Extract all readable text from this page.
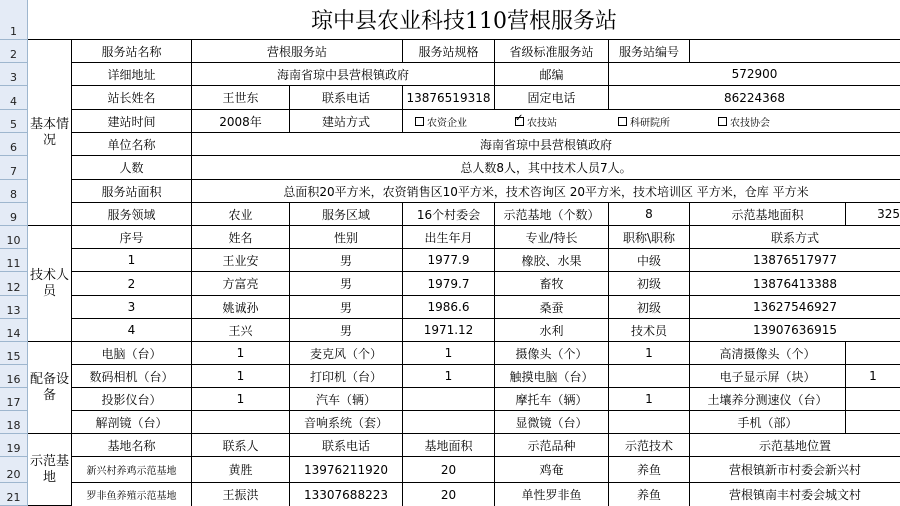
1
2
3
4
5
6
7
8
9
10
11
12
13
14
15
16
17
18
19
20
21
琼中县农业科技110营根服务站
基本情况
技术人员
配备设备
示范基地
服务站名称	营根服务站	服务站规格	省级标准服务站	服务站编号
详细地址	海南省琼中县营根镇政府	邮编	572900
站长姓名	王世东	联系电话	13876519318	固定电话	86224368
建站时间	2008年	建站方式	农资企业
✓	农技站	科研院所	农技协会
单位名称	海南省琼中县营根镇政府
人数	总人数8人，其中技术人员7人。
服务站面积	总面积20平方米，农资销售区10平方米，技术咨询区 20平方米，技术培训区 平方米，仓库 平方米
服务领域	农业	服务区域	16个村委会	示范基地（个数）	8	示范基地面积	325
序号	姓名	性别	出生年月	专业/特长	职称\职称	联系方式
1	王业安	男	1977.9	橡胶、水果	中级	13876517977
2	方富亮	男	1979.7	畜牧	初级	13876413388
3	姚诚孙	男	1986.6	桑蚕	初级	13627546927
4	王兴	男	1971.12	水利	技术员	13907636915
电脑（台）	1	麦克风（个）	1	摄像头（个）	1	高清摄像头（个）
数码相机（台）	1	打印机（台）	1	触摸电脑（台）	电子显示屏（块）	1
投影仪台）	1	汽车（辆）	摩托车（辆）	1	土壤养分测速仪（台）
解剖镜（台）	音响系统（套）	显微镜（台）	手机（部）
基地名称	联系人	联系电话	基地面积	示范品种	示范技术	示范基地位置
新兴村养鸡示范基地	黄胜	13976211920	20	鸡奄	养鱼	营根镇新市村委会新兴村
罗非鱼养殖示范基地	王振洪	13307688223	20	单性罗非鱼	养鱼	营根镇南丰村委会城文村
